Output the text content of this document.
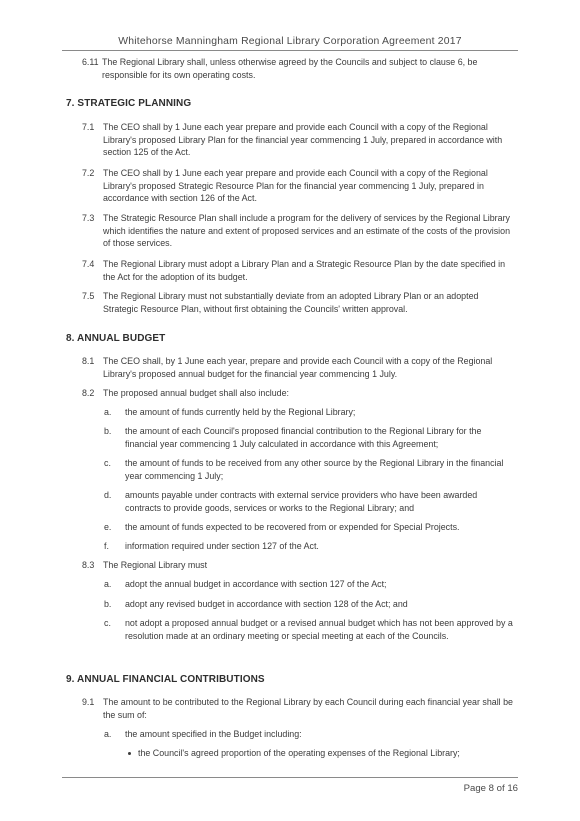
Whitehorse Manningham Regional Library Corporation Agreement 2017
6.11 The Regional Library shall, unless otherwise agreed by the Councils and subject to clause 6, be responsible for its own operating costs.
7. STRATEGIC PLANNING
7.1 The CEO shall by 1 June each year prepare and provide each Council with a copy of the Regional Library's proposed Library Plan for the financial year commencing 1 July, prepared in accordance with section 125 of the Act.
7.2 The CEO shall by 1 June each year prepare and provide each Council with a copy of the Regional Library's proposed Strategic Resource Plan for the financial year commencing 1 July, prepared in accordance with section 126 of the Act.
7.3 The Strategic Resource Plan shall include a program for the delivery of services by the Regional Library which identifies the nature and extent of proposed services and an estimate of the costs of the provision of those services.
7.4 The Regional Library must adopt a Library Plan and a Strategic Resource Plan by the date specified in the Act for the adoption of its budget.
7.5 The Regional Library must not substantially deviate from an adopted Library Plan or an adopted Strategic Resource Plan, without first obtaining the Councils' written approval.
8. ANNUAL BUDGET
8.1 The CEO shall, by 1 June each year, prepare and provide each Council with a copy of the Regional Library's proposed annual budget for the financial year commencing 1 July.
8.2 The proposed annual budget shall also include:
a. the amount of funds currently held by the Regional Library;
b. the amount of each Council's proposed financial contribution to the Regional Library for the financial year commencing 1 July calculated in accordance with this Agreement;
c. the amount of funds to be received from any other source by the Regional Library in the financial year commencing 1 July;
d. amounts payable under contracts with external service providers who have been awarded contracts to provide goods, services or works to the Regional Library; and
e. the amount of funds expected to be recovered from or expended for Special Projects.
f. information required under section 127 of the Act.
8.3 The Regional Library must
a. adopt the annual budget in accordance with section 127 of the Act;
b. adopt any revised budget in accordance with section 128 of the Act; and
c. not adopt a proposed annual budget or a revised annual budget which has not been approved by a resolution made at an ordinary meeting or special meeting at each of the Councils.
9. ANNUAL FINANCIAL CONTRIBUTIONS
9.1 The amount to be contributed to the Regional Library by each Council during each financial year shall be the sum of:
a. the amount specified in the Budget including:
the Council's agreed proportion of the operating expenses of the Regional Library;
Page 8 of 16
